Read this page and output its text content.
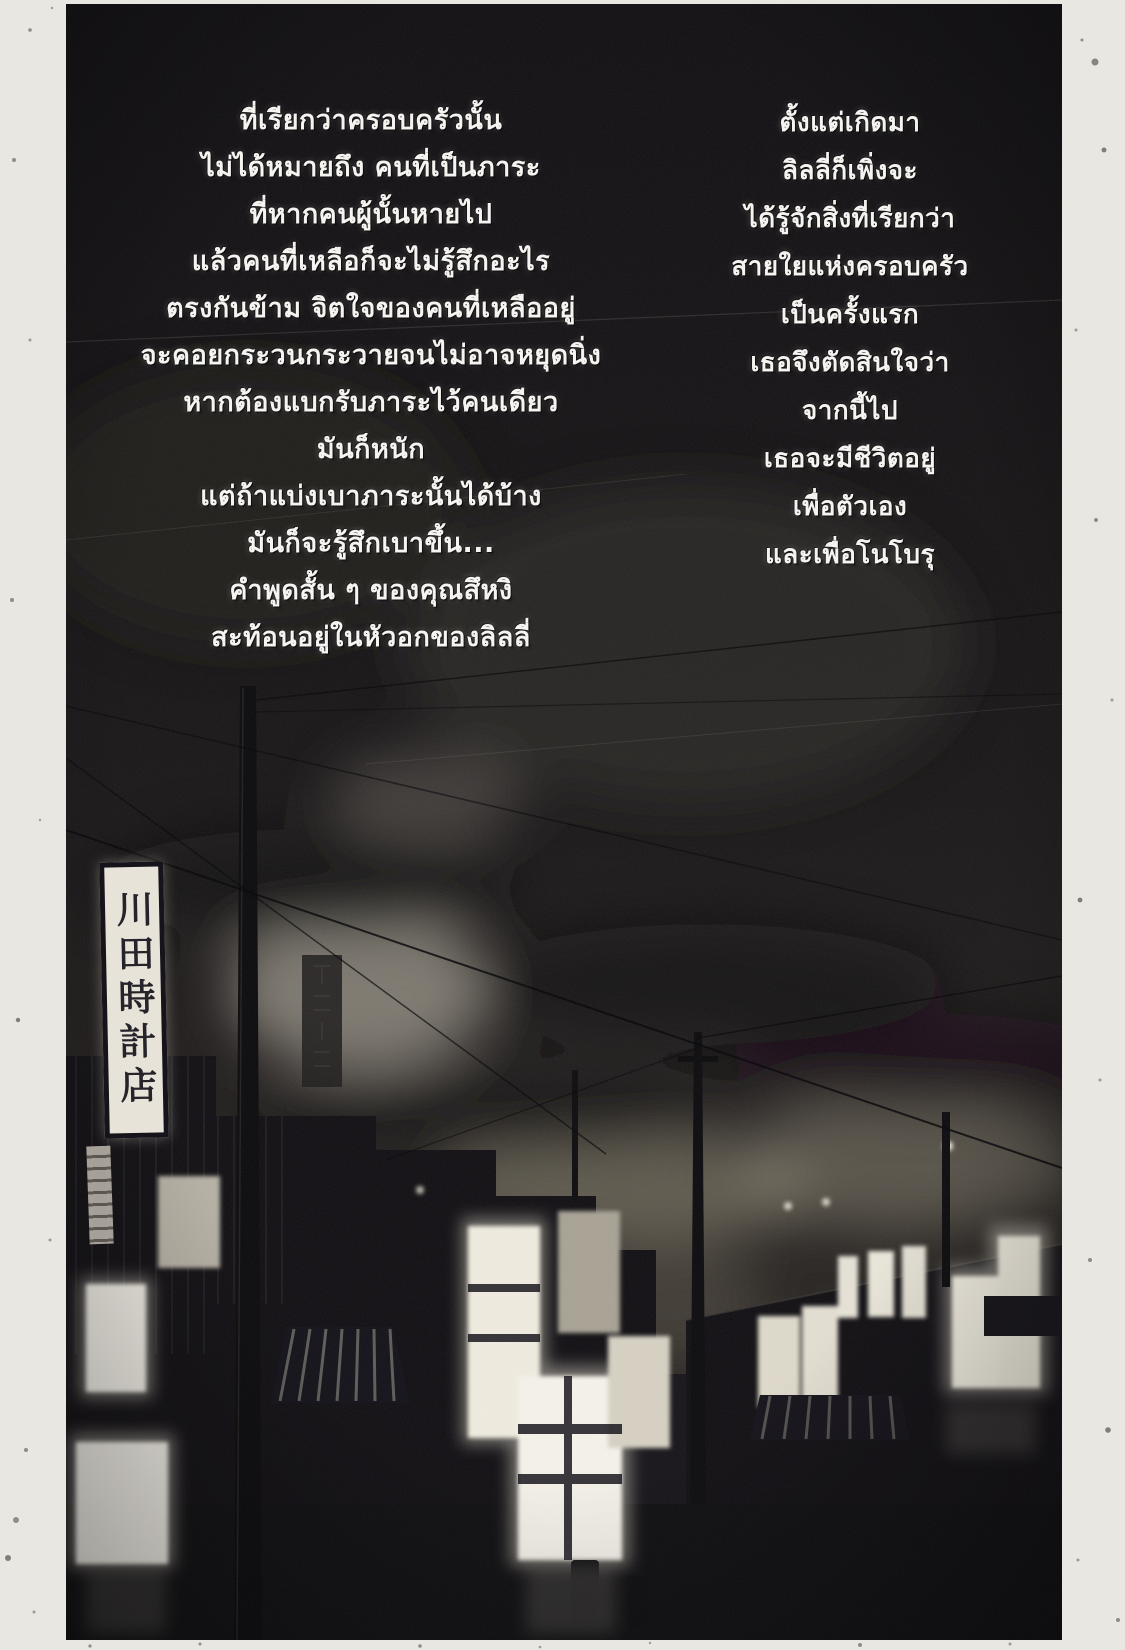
川田時計店
ที่เรียกว่าครอบครัวนั้น
ไม่ได้หมายถึง คนที่เป็นภาระ
ที่หากคนผู้นั้นหายไป
แล้วคนที่เหลือก็จะไม่รู้สึกอะไร
ตรงกันข้าม จิตใจของคนที่เหลืออยู่
จะคอยกระวนกระวายจนไม่อาจหยุดนิ่ง
หากต้องแบกรับภาระไว้คนเดียว
มันก็หนัก
แต่ถ้าแบ่งเบาภาระนั้นได้บ้าง
มันก็จะรู้สึกเบาขึ้น...
คำพูดสั้น ๆ ของคุณสึหงิ
สะท้อนอยู่ในหัวอกของลิลลี่
ตั้งแต่เกิดมา
ลิลลี่ก็เพิ่งจะ
ได้รู้จักสิ่งที่เรียกว่า
สายใยแห่งครอบครัว
เป็นครั้งแรก
เธอจึงตัดสินใจว่า
จากนี้ไป
เธอจะมีชีวิตอยู่
เพื่อตัวเอง
และเพื่อโนโบรุ
